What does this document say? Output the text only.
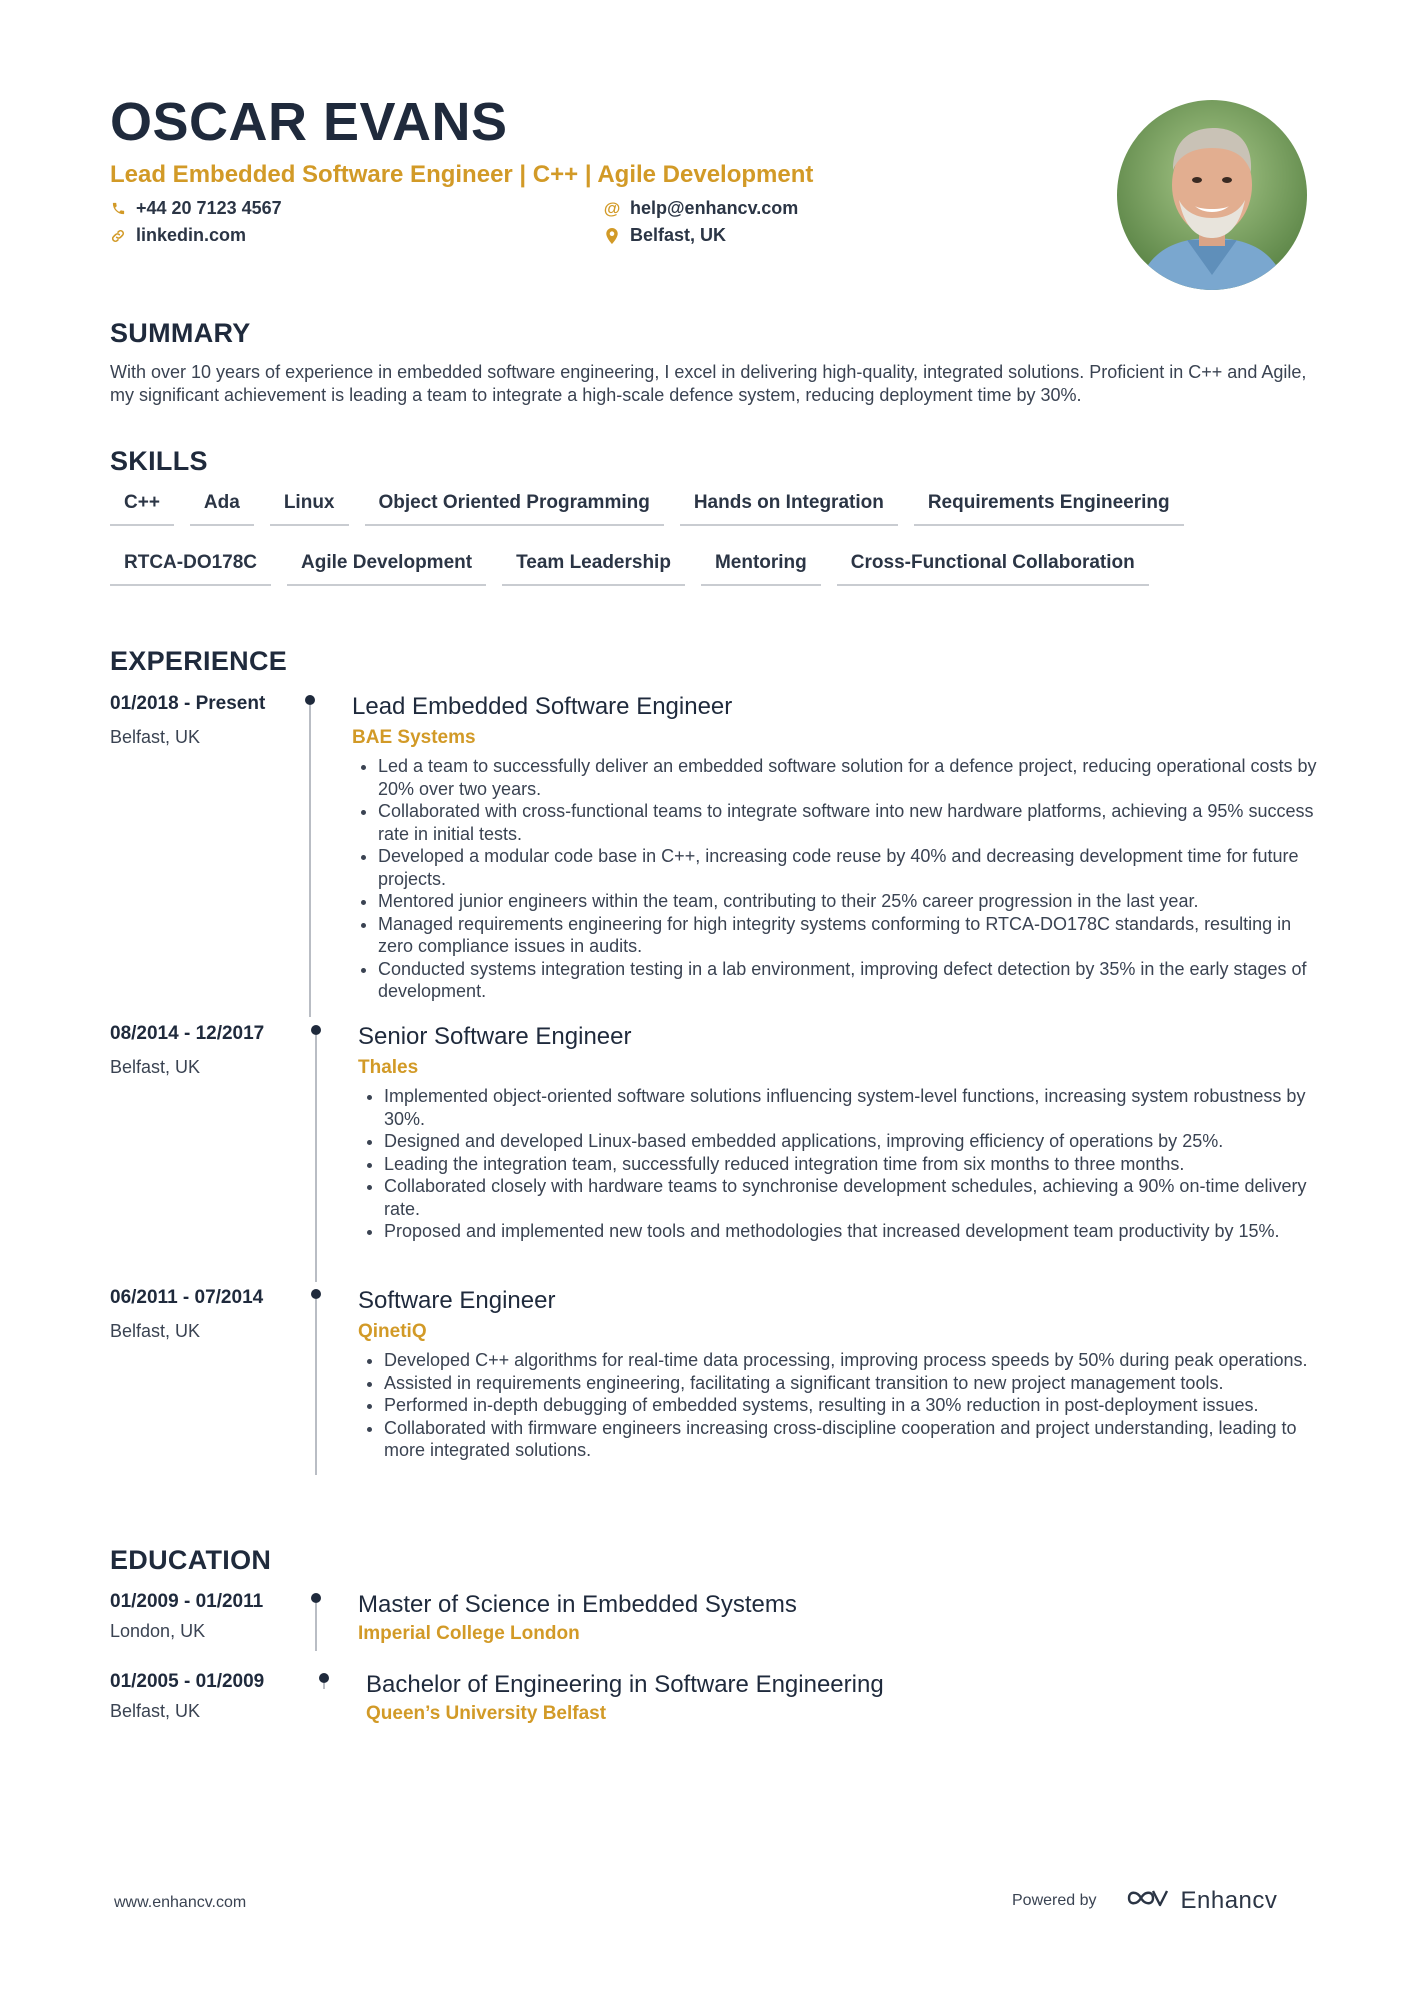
OSCAR EVANS
Lead Embedded Software Engineer | C++ | Agile Development
+44 20 7123 4567	@ help@enhancv.com
linkedin.com	Belfast, UK
SUMMARY
With over 10 years of experience in embedded software engineering, I excel in delivering high-quality, integrated solutions. Proficient in C++ and Agile, my significant achievement is leading a team to integrate a high-scale defence system, reducing deployment time by 30%.
SKILLS
C++	Ada	Linux	Object Oriented Programming	Hands on Integration	Requirements Engineering
RTCA-DO178C	Agile Development	Team Leadership	Mentoring	Cross-Functional Collaboration
EXPERIENCE
01/2018 - Present
Belfast, UK
Lead Embedded Software Engineer
BAE Systems
• Led a team to successfully deliver an embedded software solution for a defence project, reducing operational costs by 20% over two years.
• Collaborated with cross-functional teams to integrate software into new hardware platforms, achieving a 95% success rate in initial tests.
• Developed a modular code base in C++, increasing code reuse by 40% and decreasing development time for future projects.
• Mentored junior engineers within the team, contributing to their 25% career progression in the last year.
• Managed requirements engineering for high integrity systems conforming to RTCA-DO178C standards, resulting in zero compliance issues in audits.
• Conducted systems integration testing in a lab environment, improving defect detection by 35% in the early stages of development.
08/2014 - 12/2017
Belfast, UK
Senior Software Engineer
Thales
• Implemented object-oriented software solutions influencing system-level functions, increasing system robustness by 30%.
• Designed and developed Linux-based embedded applications, improving efficiency of operations by 25%.
• Leading the integration team, successfully reduced integration time from six months to three months.
• Collaborated closely with hardware teams to synchronise development schedules, achieving a 90% on-time delivery rate.
• Proposed and implemented new tools and methodologies that increased development team productivity by 15%.
06/2011 - 07/2014
Belfast, UK
Software Engineer
QinetiQ
• Developed C++ algorithms for real-time data processing, improving process speeds by 50% during peak operations.
• Assisted in requirements engineering, facilitating a significant transition to new project management tools.
• Performed in-depth debugging of embedded systems, resulting in a 30% reduction in post-deployment issues.
• Collaborated with firmware engineers increasing cross-discipline cooperation and project understanding, leading to more integrated solutions.
EDUCATION
01/2009 - 01/2011
London, UK
Master of Science in Embedded Systems
Imperial College London
01/2005 - 01/2009
Belfast, UK
Bachelor of Engineering in Software Engineering
Queen’s University Belfast
www.enhancv.com	Powered by	Enhancv
